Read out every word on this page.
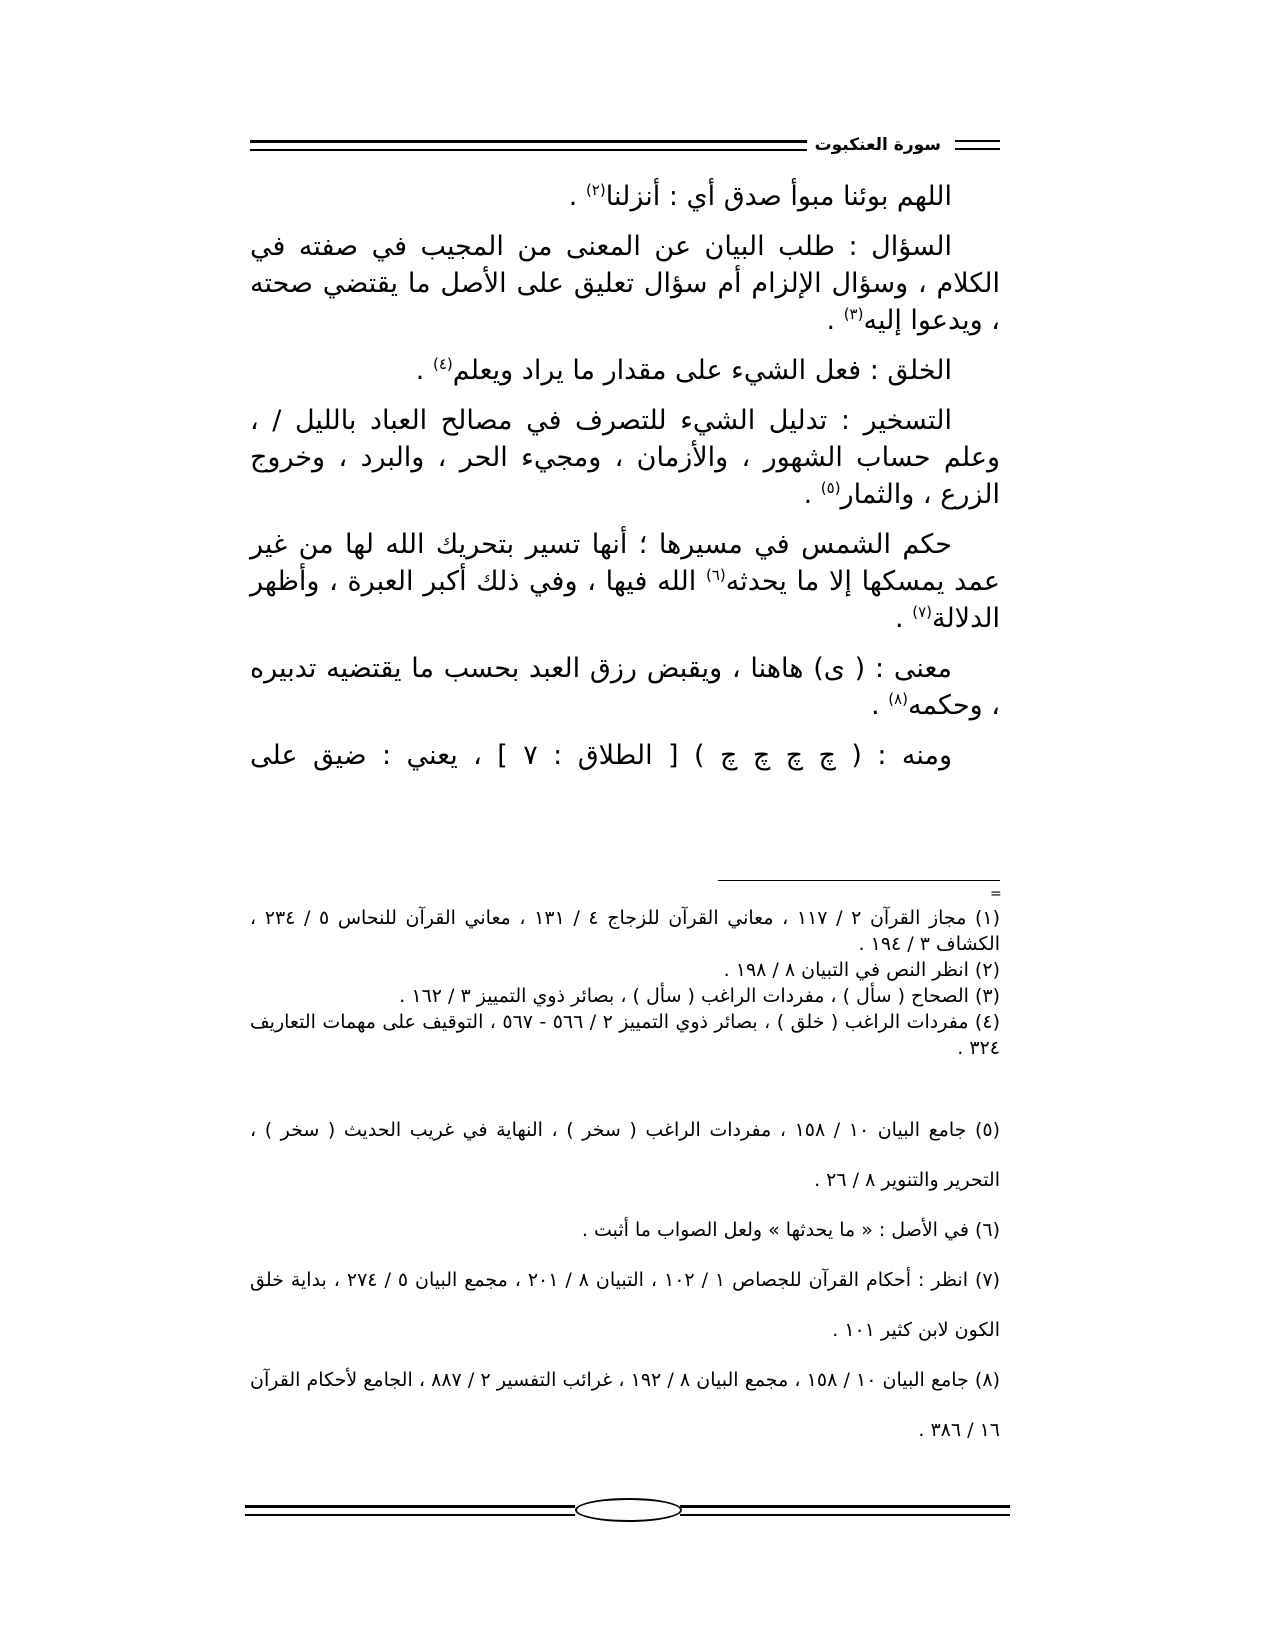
سورة العنكبوت

اللهم بوئنا مبوأ صدق أي : أنزلنا$^{(٢)}$ .

السؤال : طلب البيان عن المعنى من المجيب في صفته في الكلام ، وسؤال الإلزام أم سؤال تعليق على الأصل ما يقتضي صحته ، ويدعوا إليه$^{(٣)}$ .

الخلق : فعل الشيء على مقدار ما يراد ويعلم$^{(٤)}$ .

التسخير : تدليل الشيء للتصرف في مصالح العباد بالليل / ، وعلم حساب الشهور ، والأزمان ، ومجيء الحر ، والبرد ، وخروج الزرع ، والثمار$^{(٥)}$ .

حكم الشمس في مسيرها ؛ أنها تسير بتحريك الله لها من غير عمد يمسكها إلا ما يحدثه$^{(٦)}$ الله فيها ، وفي ذلك أكبر العبرة ، وأظهر الدلالة$^{(٧)}$ .

معنى : ( ى) هاهنا ، ويقبض رزق العبد بحسب ما يقتضيه تدبيره ، وحكمه$^{(٨)}$ .

ومنه : ( چ چ چ چ ) [ الطلاق : ٧ ] ، يعني : ضيق على

=

(١) مجاز القرآن ٢ / ١١٧ ، معاني القرآن للزجاج ٤ / ١٣١ ، معاني القرآن للنحاس ٥ / ٢٣٤ ، الكشاف ٣ / ١٩٤ .

(٢) انظر النص في التبيان ٨ / ١٩٨ .

(٣) الصحاح ( سأل ) ، مفردات الراغب ( سأل ) ، بصائر ذوي التمييز ٣ / ١٦٢ .

(٤) مفردات الراغب ( خلق ) ، بصائر ذوي التمييز ٢ / ٥٦٦ - ٥٦٧ ، التوقيف على مهمات التعاريف ٣٢٤ .

(٥) جامع البيان ١٠ / ١٥٨ ، مفردات الراغب ( سخر ) ، النهاية في غريب الحديث ( سخر ) ، التحرير والتنوير ٨ / ٢٦ .

(٦) في الأصل : « ما يحدثها » ولعل الصواب ما أثبت .

(٧) انظر : أحكام القرآن للجصاص ١ / ١٠٢ ، التبيان ٨ / ٢٠١ ، مجمع البيان ٥ / ٢٧٤ ، بداية خلق الكون لابن كثير ١٠١ .

(٨) جامع البيان ١٠ / ١٥٨ ، مجمع البيان ٨ / ١٩٢ ، غرائب التفسير ٢ / ٨٨٧ ، الجامع لأحكام القرآن ١٦ / ٣٨٦ .
